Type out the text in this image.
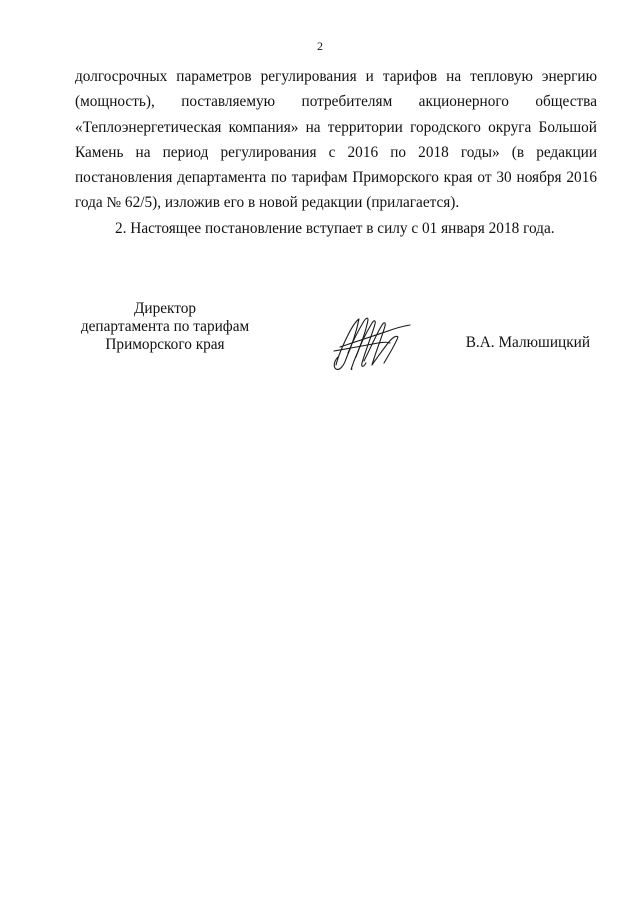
2

долгосрочных параметров регулирования и тарифов на тепловую энергию (мощность), поставляемую потребителям акционерного общества «Теплоэнергетическая компания» на территории городского округа Большой Камень на период регулирования с 2016 по 2018 годы» (в редакции постановления департамента по тарифам Приморского края от 30 ноября 2016 года № 62/5), изложив его в новой редакции (прилагается).

2. Настоящее постановление вступает в силу с 01 января 2018 года.

Директор
департамента по тарифам
Приморского края	В.А. Малюшицкий
